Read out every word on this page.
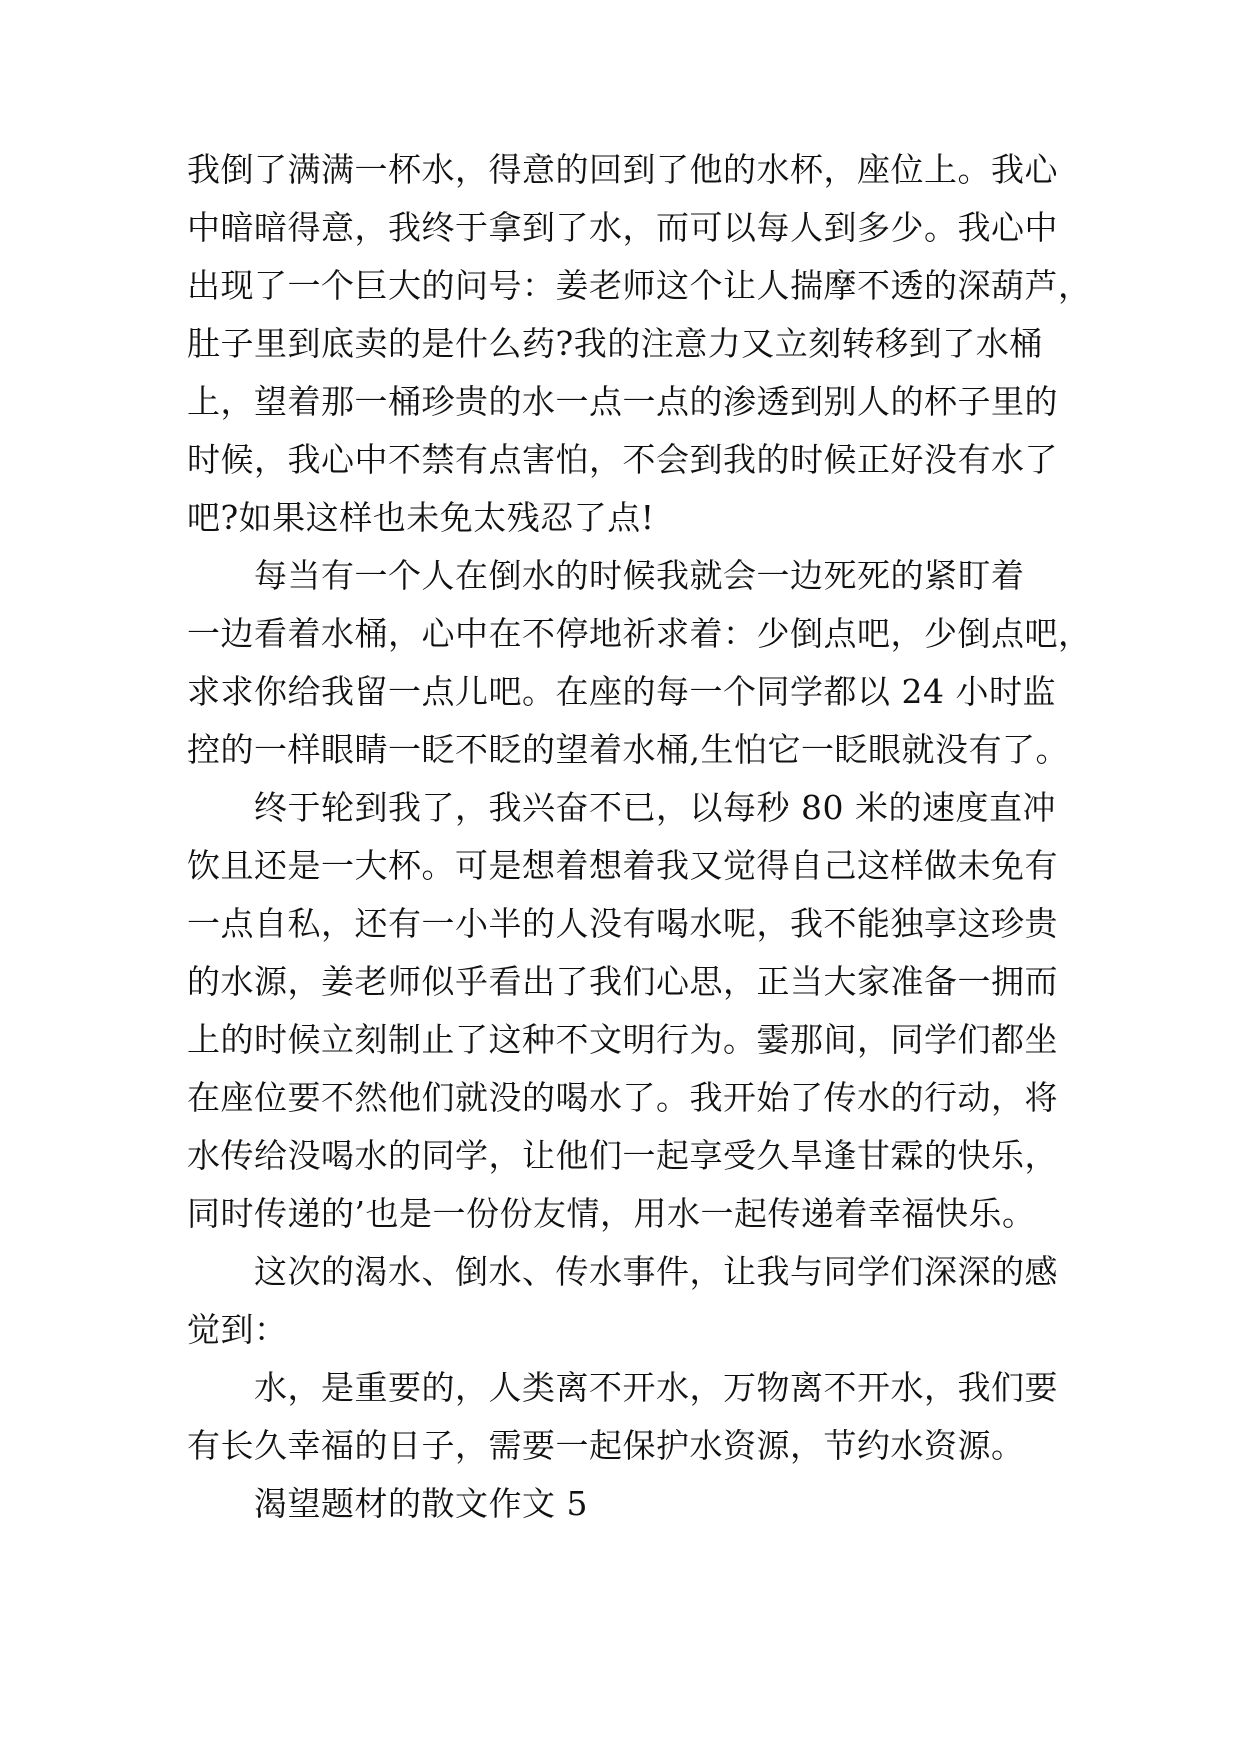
我倒了满满一杯水，得意的回到了他的水杯，座位上。我心
中暗暗得意，我终于拿到了水，而可以每人到多少。我心中
出现了一个巨大的问号：姜老师这个让人揣摩不透的深葫芦，
肚子里到底卖的是什么药?我的注意力又立刻转移到了水桶
上，望着那一桶珍贵的水一点一点的渗透到别人的杯子里的
时候，我心中不禁有点害怕，不会到我的时候正好没有水了
吧?如果这样也未免太残忍了点!
每当有一个人在倒水的时候我就会一边死死的紧盯着
一边看着水桶，心中在不停地祈求着：少倒点吧，少倒点吧，
求求你给我留一点儿吧。在座的每一个同学都以 24 小时监
控的一样眼睛一眨不眨的望着水桶,生怕它一眨眼就没有了。
终于轮到我了，我兴奋不已，以每秒 80 米的速度直冲
饮且还是一大杯。可是想着想着我又觉得自己这样做未免有
一点自私，还有一小半的人没有喝水呢，我不能独享这珍贵
的水源，姜老师似乎看出了我们心思，正当大家准备一拥而
上的时候立刻制止了这种不文明行为。霎那间，同学们都坐
在座位要不然他们就没的喝水了。我开始了传水的行动，将
水传给没喝水的同学，让他们一起享受久旱逢甘霖的快乐，
同时传递的’也是一份份友情，用水一起传递着幸福快乐。
这次的渴水、倒水、传水事件，让我与同学们深深的感
觉到：
水，是重要的，人类离不开水，万物离不开水，我们要
有长久幸福的日子，需要一起保护水资源，节约水资源。
渴望题材的散文作文 5
